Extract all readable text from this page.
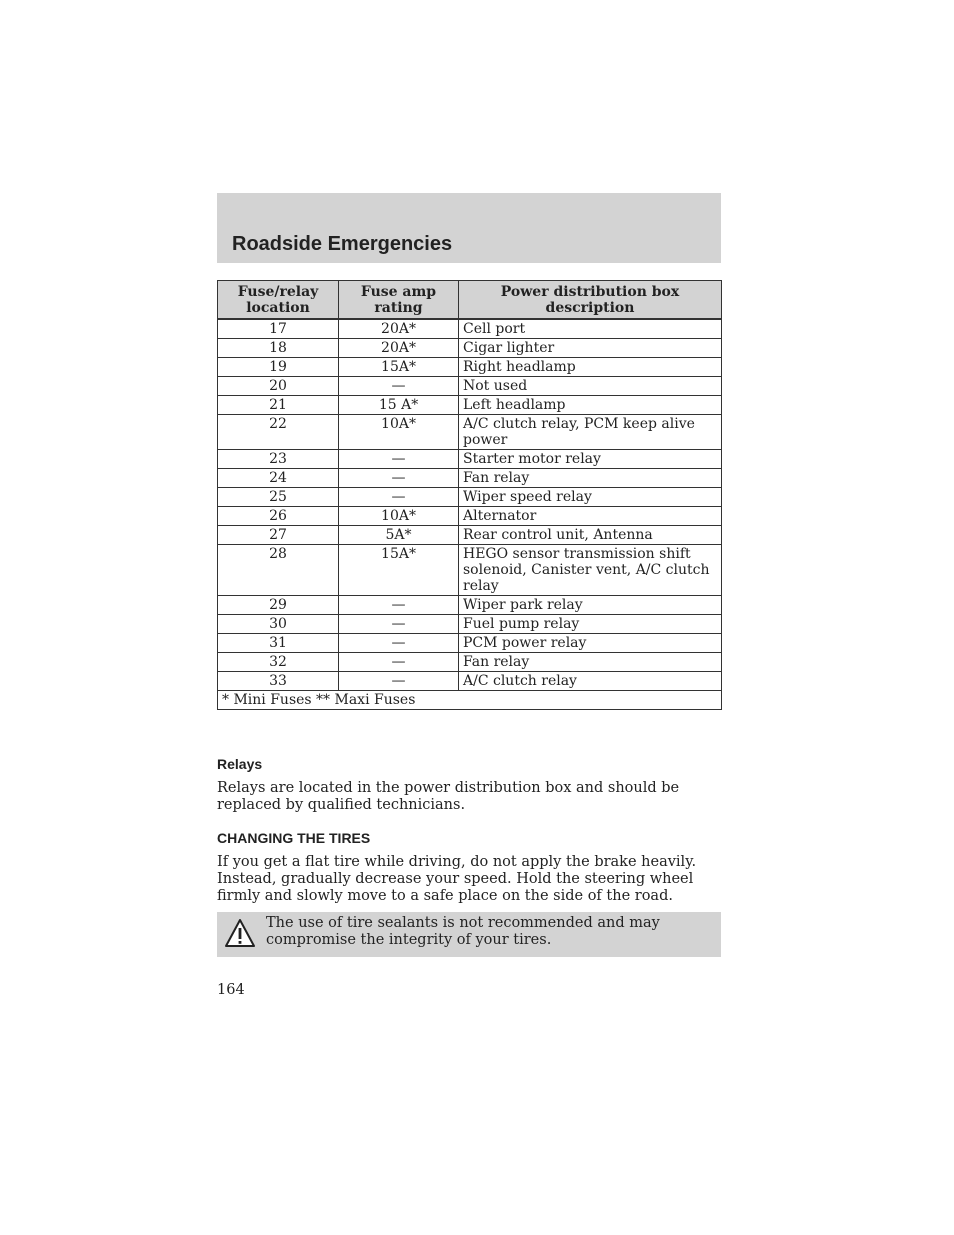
Roadside Emergencies
Fuse/relay location	Fuse amp rating	Power distribution box description
17	20A*	Cell port
18	20A*	Cigar lighter
19	15A*	Right headlamp
20	—	Not used
21	15 A*	Left headlamp
22	10A*	A/C clutch relay, PCM keep alive power
23	—	Starter motor relay
24	—	Fan relay
25	—	Wiper speed relay
26	10A*	Alternator
27	5A*	Rear control unit, Antenna
28	15A*	HEGO sensor transmission shift solenoid, Canister vent, A/C clutch relay
29	—	Wiper park relay
30	—	Fuel pump relay
31	—	PCM power relay
32	—	Fan relay
33	—	A/C clutch relay
* Mini Fuses ** Maxi Fuses		
Relays
Relays are located in the power distribution box and should be replaced by qualified technicians.
CHANGING THE TIRES
If you get a flat tire while driving, do not apply the brake heavily. Instead, gradually decrease your speed. Hold the steering wheel firmly and slowly move to a safe place on the side of the road.
The use of tire sealants is not recommended and may compromise the integrity of your tires.
164
